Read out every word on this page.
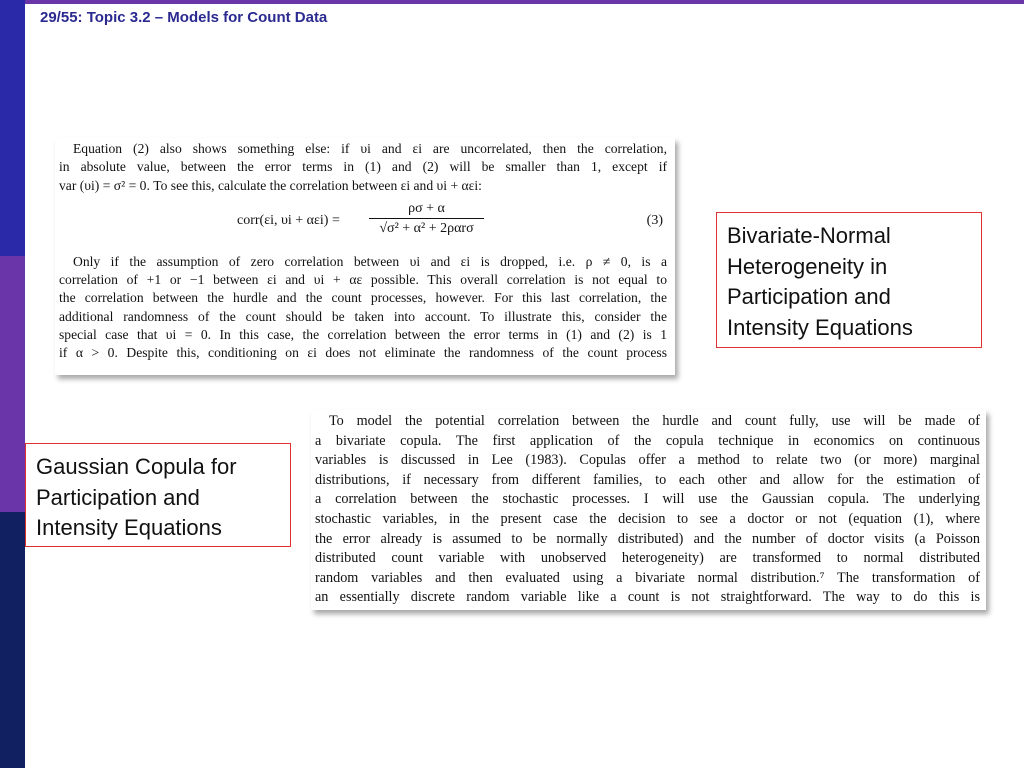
29/55: Topic 3.2 – Models for Count Data
Equation (2) also shows something else: if υi and εi are uncorrelated, then the correlation,
in absolute value, between the error terms in (1) and (2) will be smaller than 1, except if
var (υi) = σ² = 0. To see this, calculate the correlation between εi and υi + αεi:
corr(εi, υi + αεi) =
ρσ + α
√σ² + α² + 2ραrσ
(3)
Only if the assumption of zero correlation between υi and εi is dropped, i.e. ρ ≠ 0, is a
correlation of +1 or −1 between εi and υi + αε possible. This overall correlation is not equal to
the correlation between the hurdle and the count processes, however. For this last correlation, the
additional randomness of the count should be taken into account. To illustrate this, consider the
special case that υi = 0. In this case, the correlation between the error terms in (1) and (2) is 1
if α > 0. Despite this, conditioning on εi does not eliminate the randomness of the count process
Bivariate-Normal
Heterogeneity in
Participation and
Intensity Equations
Gaussian Copula for
Participation and
Intensity Equations
To model the potential correlation between the hurdle and count fully, use will be made of
a bivariate copula. The first application of the copula technique in economics on continuous
variables is discussed in Lee (1983). Copulas offer a method to relate two (or more) marginal
distributions, if necessary from different families, to each other and allow for the estimation of
a correlation between the stochastic processes. I will use the Gaussian copula. The underlying
stochastic variables, in the present case the decision to see a doctor or not (equation (1), where
the error already is assumed to be normally distributed) and the number of doctor visits (a Poisson
distributed count variable with unobserved heterogeneity) are transformed to normal distributed
random variables and then evaluated using a bivariate normal distribution.⁷ The transformation of
an essentially discrete random variable like a count is not straightforward. The way to do this is
